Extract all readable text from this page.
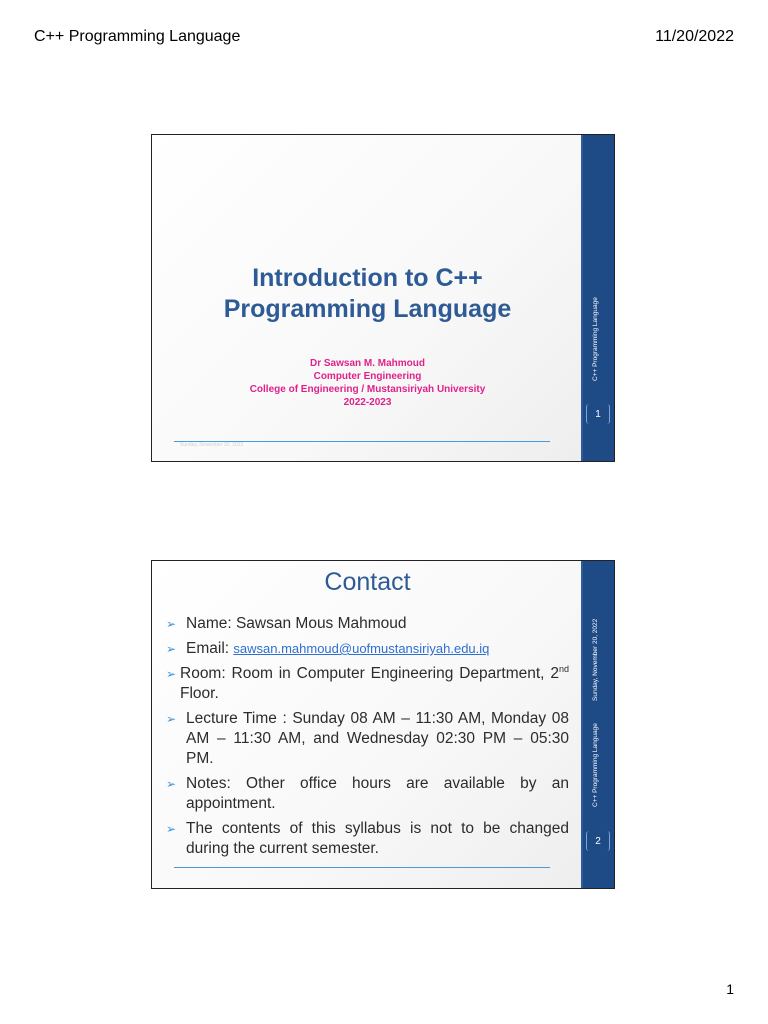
C++ Programming Language	11/20/2022
Introduction to C++
Programming Language
Dr Sawsan M. Mahmoud
Computer Engineering
College of Engineering / Mustansiriyah University
2022-2023
Sunday, November 20, 2022
C++ Programming Language
1
Contact
➢ Name: Sawsan Mous Mahmoud
➢ Email: sawsan.mahmoud@uofmustansiriyah.edu.iq
➢ Room: Room in Computer Engineering Department, 2nd Floor.
➢ Lecture Time : Sunday 08 AM – 11:30 AM, Monday 08 AM – 11:30 AM, and Wednesday 02:30 PM – 05:30 PM.
➢ Notes: Other office hours are available by an appointment.
➢ The contents of this syllabus is not to be changed during the current semester.
C++ Programming Language
Sunday, November 20, 2022
2
1
